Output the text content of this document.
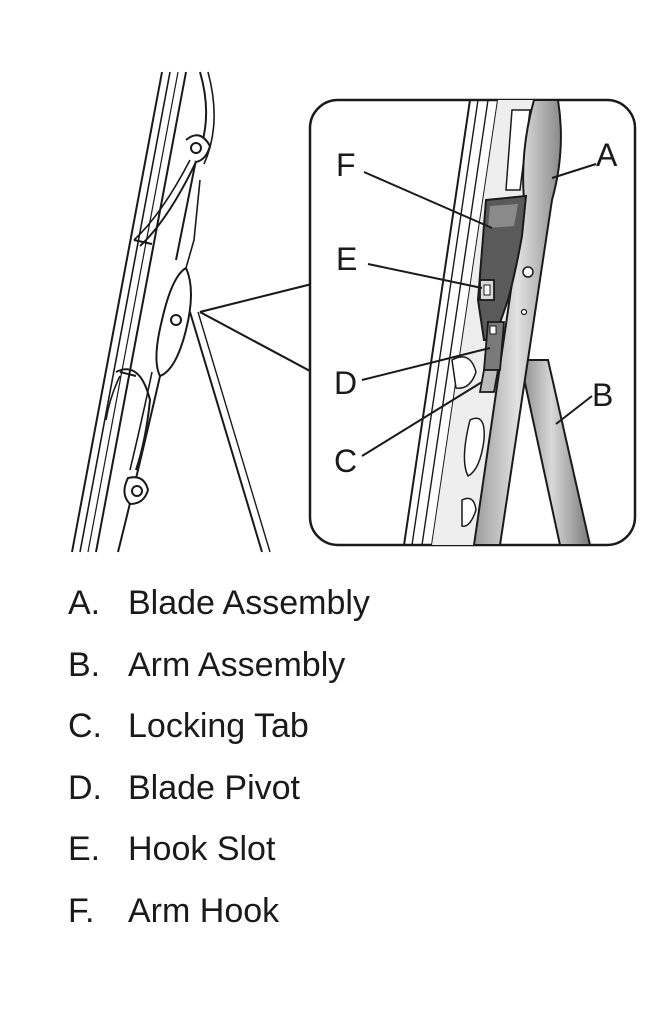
F
E
D
C
A
B
A. Blade Assembly
B. Arm Assembly
C. Locking Tab
D. Blade Pivot
E. Hook Slot
F. Arm Hook
